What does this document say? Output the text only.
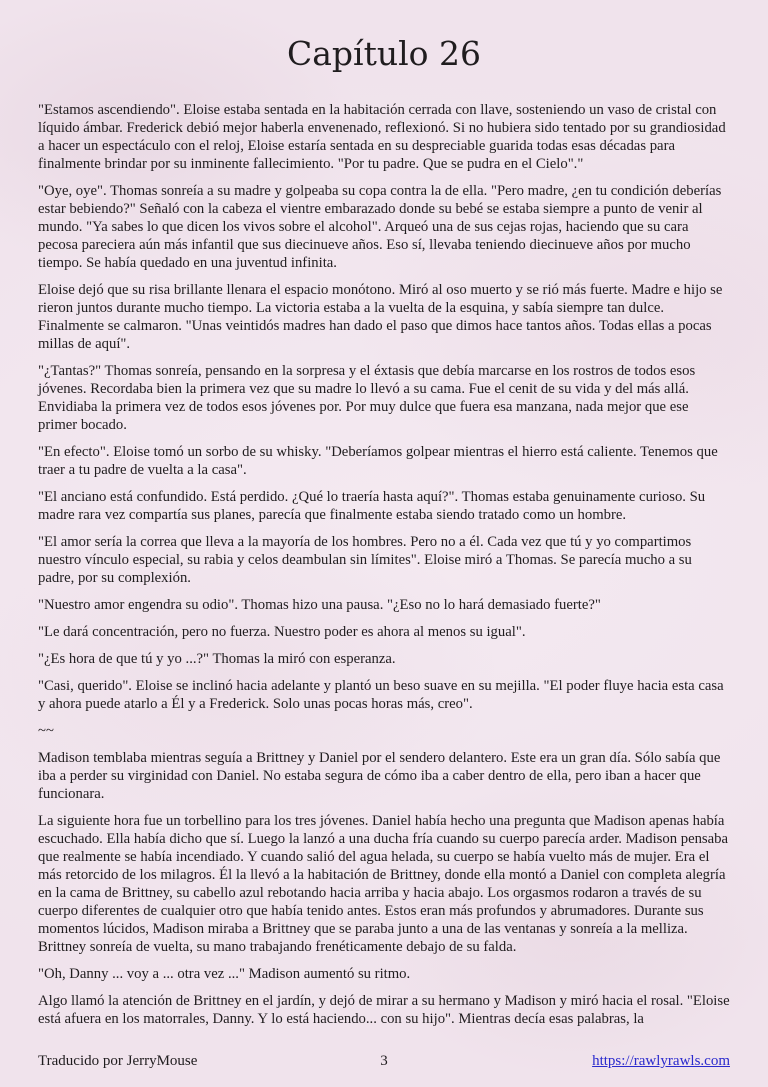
Capítulo 26

"Estamos ascendiendo". Eloise estaba sentada en la habitación cerrada con llave, sosteniendo un vaso de cristal con líquido ámbar. Frederick debió mejor haberla envenenado, reflexionó. Si no hubiera sido tentado por su grandiosidad a hacer un espectáculo con el reloj, Eloise estaría sentada en su despreciable guarida todas esas décadas para finalmente brindar por su inminente fallecimiento. "Por tu padre. Que se pudra en el Cielo"."

"Oye, oye". Thomas sonreía a su madre y golpeaba su copa contra la de ella. "Pero madre, ¿en tu condición deberías estar bebiendo?" Señaló con la cabeza el vientre embarazado donde su bebé se estaba siempre a punto de venir al mundo. "Ya sabes lo que dicen los vivos sobre el alcohol". Arqueó una de sus cejas rojas, haciendo que su cara pecosa pareciera aún más infantil que sus diecinueve años. Eso sí, llevaba teniendo diecinueve años por mucho tiempo. Se había quedado en una juventud infinita.

Eloise dejó que su risa brillante llenara el espacio monótono. Miró al oso muerto y se rió más fuerte. Madre e hijo se rieron juntos durante mucho tiempo. La victoria estaba a la vuelta de la esquina, y sabía siempre tan dulce. Finalmente se calmaron. "Unas veintidós madres han dado el paso que dimos hace tantos años. Todas ellas a pocas millas de aquí".

"¿Tantas?" Thomas sonreía, pensando en la sorpresa y el éxtasis que debía marcarse en los rostros de todos esos jóvenes. Recordaba bien la primera vez que su madre lo llevó a su cama. Fue el cenit de su vida y del más allá. Envidiaba la primera vez de todos esos jóvenes por. Por muy dulce que fuera esa manzana, nada mejor que ese primer bocado.

"En efecto". Eloise tomó un sorbo de su whisky. "Deberíamos golpear mientras el hierro está caliente. Tenemos que traer a tu padre de vuelta a la casa".

"El anciano está confundido. Está perdido. ¿Qué lo traería hasta aquí?". Thomas estaba genuinamente curioso. Su madre rara vez compartía sus planes, parecía que finalmente estaba siendo tratado como un hombre.

"El amor sería la correa que lleva a la mayoría de los hombres. Pero no a él. Cada vez que tú y yo compartimos nuestro vínculo especial, su rabia y celos deambulan sin límites". Eloise miró a Thomas. Se parecía mucho a su padre, por su complexión.

"Nuestro amor engendra su odio". Thomas hizo una pausa. "¿Eso no lo hará demasiado fuerte?"

"Le dará concentración, pero no fuerza. Nuestro poder es ahora al menos su igual".

"¿Es hora de que tú y yo ...?" Thomas la miró con esperanza.

"Casi, querido". Eloise se inclinó hacia adelante y plantó un beso suave en su mejilla. "El poder fluye hacia esta casa y ahora puede atarlo a Él y a Frederick. Solo unas pocas horas más, creo".

~~

Madison temblaba mientras seguía a Brittney y Daniel por el sendero delantero. Este era un gran día. Sólo sabía que iba a perder su virginidad con Daniel. No estaba segura de cómo iba a caber dentro de ella, pero iban a hacer que funcionara.

La siguiente hora fue un torbellino para los tres jóvenes. Daniel había hecho una pregunta que Madison apenas había escuchado. Ella había dicho que sí. Luego la lanzó a una ducha fría cuando su cuerpo parecía arder. Madison pensaba que realmente se había incendiado. Y cuando salió del agua helada, su cuerpo se había vuelto más de mujer. Era el más retorcido de los milagros. Él la llevó a la habitación de Brittney, donde ella montó a Daniel con completa alegría en la cama de Brittney, su cabello azul rebotando hacia arriba y hacia abajo. Los orgasmos rodaron a través de su cuerpo diferentes de cualquier otro que había tenido antes. Estos eran más profundos y abrumadores. Durante sus momentos lúcidos, Madison miraba a Brittney que se paraba junto a una de las ventanas y sonreía a la melliza. Brittney sonreía de vuelta, su mano trabajando frenéticamente debajo de su falda.

"Oh, Danny ... voy a ... otra vez ..." Madison aumentó su ritmo.

Algo llamó la atención de Brittney en el jardín, y dejó de mirar a su hermano y Madison y miró hacia el rosal. "Eloise está afuera en los matorrales, Danny. Y lo está haciendo... con su hijo". Mientras decía esas palabras, la

Traducido por JerryMouse	3	https://rawlyrawls.com
